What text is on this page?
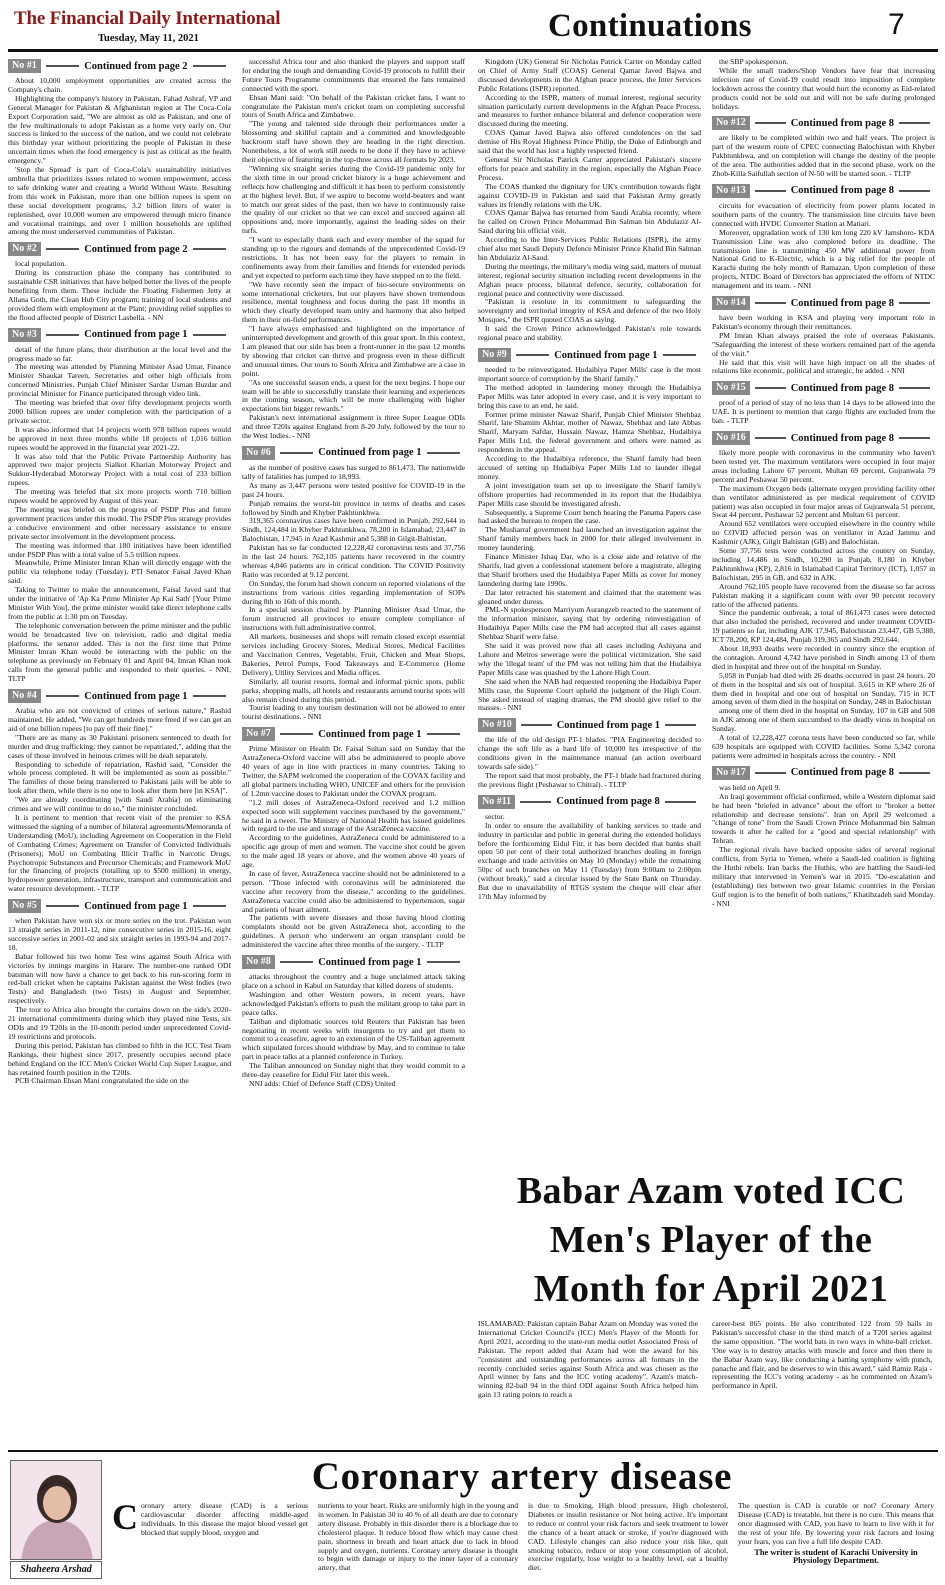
The Financial Daily International
Tuesday, May 11, 2021	Continuations	7
No #1	Continued from page 2

About 10,000 employment opportunities are created across the Company's chain.

Highlighting the company's history in Pakistan, Fahad Ashraf, VP and General Manager for Pakistan & Afghanistan region at The Coca-Cola Export Corporation said, "We are almost as old as Pakistan, and one of the few multinationals to adopt Pakistan as a home very early on. Our success is linked to the success of the nation, and we could not celebrate this birthday year without prioritizing the people of Pakistan in these uncertain times when the food emergency is just as critical as the health emergency."

'Stop the Spread' is part of Coca-Cola's sustainability initiatives umbrella that prioritizes issues related to women empowerment, access to safe drinking water and creating a World Without Waste. Resulting from this work in Pakistan, more than one billion rupees is spent on these social development programs, 3.2 billion liters of water is replenished, over 10,000 women are empowered through micro finance and vocational trainings, and over 1 million households are uplifted among the most underserved communities of Pakistan.

No #2	Continued from page 2

local population.

During its construction phase the company has contributed to sustainable CSR initiatives that have helped better the lives of the people benefiting from them. These include the Floating Fishermen Jetty at Allana Goth, the Clean Hub City program; training of local students and provided them with employment at the Plant; providing relief supplies to the flood affected people of District Lasbella. - NN

No #3	Continued from page 1

detail of the future plans, their distribution at the local level and the progress made so far.

The meeting was attended by Planning Minister Asad Umar, Finance Minister Shaukat Tareen, Secretaries and other high officials from concerned Ministries. Punjab Chief Minister Sardar Usman Buzdar and provincial Minister for Finance participated through video link.

The meeting was briefed that over fifty development projects worth 2000 billion rupees are under completion with the participation of a private sector.

It was also informed that 14 projects worth 978 billion rupees would be approved in next three months while 18 projects of 1,016 billion rupees would be approved in the financial year 2021-22.

It was also told that the Public Private Partnership Authority has approved two major projects Sialkot Kharian Motorway Project and Sukkur-Hyderabad Motorway Project with a total cost of 233 billion rupees.

The meeting was briefed that six more projects worth 710 billion rupees would be approved by August of this year.

The meeting was briefed on the progress of PSDP Plus and future government practices under this model. The PSDP Plus strategy provides a conducive environment and other necessary assistance to ensure private sector involvement in the development process.

The meeting was informed that 180 initiatives have been identified under PSDP Plus with a total value of 5.5 trillion rupees.

Meanwhile, Prime Minister Imran Khan will directly engage with the public via telephone today (Tuesday), PTI Senator Faisal Javed Khan said.

Taking to Twitter to make the announcement, Faisal Javed said that under the initiative of 'Ap Ka Prime Minister Ap Kai Sath' [Your Prime Minister With You], the prime minister would take direct telephone calls from the public at 1:30 pm on Tuesday.

The telephonic conversation between the prime minister and the public would be broadcasted live on television, radio and digital media platforms, the senator added. This is not the first time that Prime Minister Imran Khan would be interacting with the public on the telephone as previously on February 01 and April 04, Imran Khan took calls from the general public and responded to their queries. - NNI, TLTP

No #4	Continued from page 1

Arabia who are not convicted of crimes of serious nature," Rashid maintained. He added, "We can get hundreds more freed if we can get an aid of one billion rupees [to pay off their fine]."

"There are as many as 30 Pakistani prisoners sentenced to death for murder and drug trafficking; they cannot be repatriated,", adding that the cases of those involved in heinous crimes will be dealt separately.

Responding to schedule of repatriation, Rashid said, "Consider the whole process completed. It will be implemented as soon as possible." The families of those being transferred to Pakistani jails will be able to look after them, while there is no one to look after them here [in KSA]".

"We are already coordinating [with Saudi Arabia] on eliminating crimes and we will continue to do so," the minister concluded.

It is pertinent to mention that recent visit of the premier to KSA witnessed the signing of a number of bilateral agreements/Memoranda of Understanding (MoU), including Agreement on Cooperation in the Field of Combating Crimes; Agreement on Transfer of Convicted Individuals (Prisoners); MoU on Combating Illicit Traffic in Narcotic Drugs, Psychotropic Substances and Precursor Chemicals; and Framework MoU for the financing of projects (totalling up to $500 million) in energy, hydropower generation, infrastructure, transport and communication and water resource development. - TLTP

No #5	Continued from page 1

when Pakistan have won six or more series on the trot. Pakistan won 13 straight series in 2011-12, nine consecutive series in 2015-16, eight successive series in 2001-02 and six straight series in 1993-94 and 2017-18.

Babar followed his two home Test wins against South Africa with victories by innings margins in Harare. The number-one ranked ODI batsman will now have a chance to get back to his run-scoring form in red-ball cricket when he captains Pakistan against the West Indies (two Tests) and Bangladesh (two Tests) in August and September, respectively.

The tour to Africa also brought the curtains down on the side's 2020-21 international commitments during which they played nine Tests, six ODIs and 19 T20Is in the 10-month period under unprecedented Covid-19 restrictions and protocols.

During this period, Pakistan has climbed to fifth in the ICC Test Team Rankings, their highest since 2017, presently occupies second place behind England on the ICC Men's Cricket World Cup Super League, and has retained fourth position in the T20Is.

PCB Chairman Ehsan Mani congratulated the side on the

successful Africa tour and also thanked the players and support staff for enduring the tough and demanding Covid-19 protocols to fulfill their Future Tours Programme commitments that ensured the fans remained connected with the sport.

Ehsan Mani said: "On behalf of the Pakistan cricket fans, I want to congratulate the Pakistan men's cricket team on completing successful tours of South Africa and Zimbabwe.

"The young and talented side through their performances under a blossoming and skillful captain and a committed and knowledgeable backroom staff have shown they are heading in the right direction. Nonetheless, a lot of work still needs to be done if they have to achieve their objective of featuring in the top-three across all formats by 2023.

"Winning six straight series during the Covid-19 pandemic only for the sixth time in our proud cricket history is a huge achievement and reflects how challenging and difficult it has been to perform consistently at the highest level. But, if we aspire to become world-beaters and want to match our great sides of the past, then we have to continuously raise the quality of our cricket so that we can excel and succeed against all oppositions and, more importantly, against the leading sides on their turfs.

"I want to especially thank each and every member of the squad for standing up to the rigours and demands of the unprecedented Covid-19 restrictions. It has not been easy for the players to remain in confinements away from their families and friends for extended periods and yet expected to perform each time they have stepped on to the field.

"We have recently seen the impact of bio-secure environments on some international cricketers, but our players have shown tremendous resilience, mental toughness and focus during the past 10 months in which they clearly developed team unity and harmony that also helped them in their on-field performances.

"I have always emphasised and highlighted on the importance of uninterrupted development and growth of this great sport. In this context, I am pleased that our side has been a front-runner in the past 12 months by showing that cricket can thrive and progress even in these difficult and unusual times. Our tours to South Africa and Zimbabwe are a case in point.

"As one successful season ends, a quest for the next begins. I hope our team will be able to successfully translate their learning and experiences in the coming season, which will be more challenging with higher expectations but bigger rewards."

Pakistan's next international assignment is three Super League ODIs and three T20Is against England from 8-20 July, followed by the tour to the West Indies. - NNI

No #6	Continued from page 1

as the number of positive cases has surged to 861,473. The nationwide tally of fatalities has jumped to 18,993.

As many as 3,447 persons were tested positive for COVID-19 in the past 24 hours.

Punjab remains the worst-hit province in terms of deaths and cases followed by Sindh and Khyber Pakhtunkhwa.

319,365 coronavirus cases have been confirmed in Punjab, 292,644 in Sindh, 124,484 in Khyber Pakhtunkhwa, 78,200 in Islamabad, 23,447 in Balochistan, 17,945 in Azad Kashmir and 5,388 in Gilgit-Baltistan.

Pakistan has so far conducted 12,228,42 coronavirus tests and 37,756 in the last 24 hours. 762,105 patients have recovered in the country whereas 4,846 patients are in critical condition. The COVID Positivity Ratio was recorded at 9.12 percent.

On Sunday, the forum had shown concern on reported violations of the instructions from various cities regarding implementation of SOPs during 8th to 16th of this month.

In a special session chaired by Planning Minister Asad Umar, the forum instructed all provinces to ensure complete compliance of instructions with full administrative control.

All markets, businesses and shops will remain closed except essential services including Grocery Stores, Medical Stores, Medical Facilities and Vaccination Centres, Vegetable, Fruit, Chicken and Meat Shops, Bakeries, Petrol Pumps, Food Takeaways and E-Commerce (Home Delivery), Utility Services and Media offices.

Similarly, all tourist resorts, formal and informal picnic spots, public parks, shopping malls, all hotels and restaurants around tourist spots will also remain closed during this period.

Tourist leading to any tourism destination will not be allowed to enter tourist destinations. - NNI

No #7	Continued from page 1

Prime Minister on Health Dr. Faisal Sultan said on Sunday that the AstraZeneca-Oxford vaccine will also be administered to people above 40 years of age in line with practices in many countries. Taking to Twitter, the SAPM welcomed the cooperation of the COVAX facility and all global partners including WHO, UNICEF and others for the provision of 1.2mn vaccine doses to Pakistan under the COVAX program.

"1.2 mill doses of AstraZeneca-Oxford received and 1.2 million expected soon will supplement vaccines purchased by the government," he said in a tweet. The Ministry of National Health has issued guidelines with regard to the use and storage of the AstraZeneca vaccine.

According to the guidelines, AstraZeneca could be administered to a specific age group of men and women. The vaccine shot could be given to the male aged 18 years or above, and the women above 40 years of age.

In case of fever, AstraZeneca vaccine should not be administered to a person. "Those infected with coronavirus will be administered the vaccine after recovery from the disease," according to the guidelines. AstraZeneca vaccine could also be administered to hypertension, sugar and patients of heart ailment.

The patients with severe diseases and those having blood clotting complaints should not be given AstraZeneca shot, according to the guidelines. A person who underwent an organ transplant could be administered the vaccine after three months of the surgery. - TLTP

No #8	Continued from page 1

attacks throughout the country and a huge unclaimed attack taking place on a school in Kabul on Saturday that killed dozens of students.

Washington and other Western powers, in recent years, have acknowledged Pakistan's efforts to push the militant group to take part in peace talks.

Taliban and diplomatic sources told Reuters that Pakistan has been negotiating in recent weeks with insurgents to try and get them to commit to a ceasefire, agree to an extension of the US-Taliban agreement which stipulated forces should withdraw by May, and to continue to take part in peace talks at a planned conference in Turkey.

The Taliban announced on Sunday night that they would commit to a three-day ceasefire for Eidul Fitr later this week.

NNI adds: Chief of Defence Staff (CDS) United

Kingdom (UK) General Sir Nicholas Patrick Carter on Monday called on Chief of Army Staff (COAS) General Qamar Javed Bajwa and discussed developments in the Afghan peace process, the Inter Services Public Relations (ISPR) reported.

According to the ISPR, matters of mutual interest, regional security situation particularly current developments in the Afghan Peace Process, and measures to further enhance bilateral and defence cooperation were discussed during the meeting.

COAS Qamar Javed Bajwa also offered condolences on the sad demise of His Royal Highness Prince Philip, the Duke of Edinburgh and said that the world has lost a highly respected friend.

General Sir Nicholas Patrick Carter appreciated Pakistan's sincere efforts for peace and stability in the region, especially the Afghan Peace Process.

The COAS thanked the dignitary for UK's contribution towards fight against COVID-19 in Pakistan and said that Pakistan Army greatly values its friendly relations with the UK.

COAS Qamar Bajwa has returned from Saudi Arabia recently, where he called on Crown Prince Mohammad Bin Salman bin Abdulaziz Al-Saud during his official visit.

According to the Inter-Services Public Relations (ISPR), the army chief also met Saudi Deputy Defence Minister Prince Khalid Bin Salman bin Abdulaziz Al-Saud.

During the meetings, the military's media wing said, matters of mutual interest, regional security situation including recent developments in the Afghan peace process, bilateral defence, security, collaboration for regional peace and connectivity were discussed.

"Pakistan is resolute in its commitment to safeguarding the sovereignty and territorial integrity of KSA and defence of the two Holy Mosques," the ISPR quoted COAS as saying.

It said the Crown Prince acknowledged Pakistan's role towards regional peace and stability.

No #9	Continued from page 1

needed to be reinvestigated. Hudaibiya Paper Mills' case is the most important source of corruption by the Sharif family."

The method adopted in laundering money through the Hudaibiya Paper Mills was later adopted in every case, and it is very important to bring this case to an end, he said.

Former prime minister Nawaz Sharif, Punjab Chief Minister Shehbaz Sharif, late Shamim Akhtar, mother of Nawaz, Shehbaz and late Abbas Sharif, Maryam Safdar, Hussain Nawaz, Hamza Shehbaz, Hudaibiya Paper Mills Ltd, the federal government and others were named as respondents in the appeal.

According to the Hudaibiya reference, the Sharif family had been accused of setting up Hudaibiya Paper Mills Ltd to launder illegal money.

A joint investigation team set up to investigate the Sharif family's offshore properties had recommended in its report that the Hudaibiya Paper Mills case should be investigated afresh.

Subsequently, a Supreme Court bench hearing the Panama Papers case had asked the bureau to reopen the case.

The Musharraf government had launched an investigation against the Sharif family members back in 2000 for their alleged involvement in money laundering.

Finance Minister Ishaq Dar, who is a close aide and relative of the Sharifs, had given a confessional statement before a magistrate, alleging that Sharif brothers used the Hudaibiya Paper Mills as cover for money laundering during late 1990s.

Dar later retracted his statement and claimed that the statement was gleaned under duress.

PML-N spokesperson Marriyum Aurangzeb reacted to the statement of the information minister, saying that by ordering reinvestigation of Hudaibiya Paper Mills case the PM had accepted that all cases against Shehbaz Sharif were false.

She said it was proved now that all cases including Ashiyana and Lahore and Metros sewerage were the political victimization. She said why the 'illegal team' of the PM was not telling him that the Hudaibiya Paper Mills case was quashed by the Lahore High Court.

She said when the NAB had requested reopening the Hudaibiya Paper Mills case, the Supreme Court upheld the judgment of the High Court. She asked instead of staging dramas, the PM should give relief to the masses. - NNI

No #10	Continued from page 1

the life of the old design PT-1 blades. "PIA Engineering decided to change the soft life as a hard life of 10,000 hrs irrespective of the conditions given in the maintenance manual (an action overboard towards safe side)."

The report said that most probably, the PT-1 blade had fractured during the previous flight (Peshawar to Chitral). - TLTP

No #11	Continued from page 8

sector.

In order to ensure the availability of banking services to trade and industry in particular and public in general during the extended holidays before the forthcoming Eidul Fitr, it has been decided that banks shall open 50 per cent of their total authorized branches dealing in foreign exchange and trade activities on May 10 (Monday) while the remaining 50pc of such branches on May 11 (Tuesday) from 9:00am to 2:00pm (without break)," said a circular issued by the State Bank on Thursday. But due to unavailability of RTGS system the cheque will clear after 17th May informed by

the SBP spokesperson.

While the small traders/Shop Vendors have fear that increasing infection rate of Covid-19 could result into imposition of complete lockdown across the country that would hurt the economy as Eid-related products could not be sold out and will not be safe during prolonged holidays.

No #12	Continued from page 8

are likely to be completed within two and half years. The project is part of the western route of CPEC connecting Balochistan with Khyber Pakhtunkhwa, and on completion will change the destiny of the people of the area. The authorities added that in the second phase, work on the Zhob-Killa Saifullah section of N-50 will be started soon. - TLTP

No #13	Continued from page 8

circuits for evacuation of electricity from power plants located in southern parts of the country. The transmission line circuits have been connected with HVDC Converter Station at Matiari.

Moreover, upgradation work of 130 km long 220 kV Jamshoro- KDA Transmission Line was also completed before its deadline. The transmission line is transmitting 450 MW additional power from National Grid to K-Electric, which is a big relief for the people of Karachi during the holy month of Ramazan. Upon completion of these projects, NTDC Board of Directors has appreciated the efforts of NTDC management and its team. - NNI

No #14	Continued from page 8

have been working in KSA and playing very important role in Pakistan's economy through their remittances.

PM Imran Khan always praised the role of overseas Pakistanis. "Safeguarding the interest of these workers remained part of the agenda of the visit."

He said that this visit will have high impact on all the shades of relations like economic, political and strategic, he added. - NNI

No #15	Continued from page 8

proof of a period of stay of no less than 14 days to be allowed into the UAE. It is pertinent to mention that cargo flights are excluded from the ban. - TLTP

No #16	Continued from page 8

likely more people with coronavirus in the community who haven't been tested yet. The maximum ventilators were occupied in four major areas including Lahore 67 percent, Multan 69 percent, Gujranwala 79 percent and Peshawar 50 percent.

The maximum Oxygen beds (alternate oxygen providing facility other than ventilator administered as per medical requirement of COVID patient) was also occupied in four major areas of Gujranwala 51 percent, Swat 44 percent, Peshawar 52 percent and Multan 61 percent.

Around 652 ventilators were occupied elsewhere in the country while no COVID affected person was on ventilator in Azad Jammu and Kashmir (AJK), Gilgit Baltistan (GB) and Balochistan.

Some 37,756 tests were conducted across the country on Sunday, including 14,486 in Sindh, 10,290 in Punjab, 8,180 in Khyber Pakhtunkhwa (KP), 2,816 in Islamabad Capital Territory (ICT), 1,057 in Balochistan, 295 in GB, and 632 in AJK.

Around 762,105 people have recovered from the disease so far across Pakistan making it a significant count with over 90 percent recovery ratio of the affected patients.

Since the pandemic outbreak, a total of 861,473 cases were detected that also included the perished, recovered and under treatment COVID-19 patients so far, including AJK 17,945, Balochistan 23,447, GB 5,388, ICT 78,200, KP 124,484, Punjab 319,365 and Sindh 292,644.

About 18,993 deaths were recorded in country since the eruption of the contagion. Around 4,742 have perished in Sindh among 13 of them died in hospital and three out of the hospital on Sunday.

5,058 in Punjab had died with 26 deaths occurred in past 24 hours. 20 of them in the hospital and six out of hospital. 3,615 in KP where 26 of them died in hospital and one out of hospital on Sunday, 715 in ICT among seven of them died in the hospital on Sunday, 248 in Balochistan

among one of them died in the hospital on Sunday, 107 in GB and 508 in AJK among one of them succumbed to the deadly virus in hospital on Sunday.

A total of 12,228,427 corona tests have been conducted so far, while 639 hospitals are equipped with COVID facilities. Some 5,342 corona patients were admitted in hospitals across the country. - NNI

No #17	Continued from page 8

was held on April 9.

An Iraqi government official confirmed, while a Western diplomat said he had been "briefed in advance" about the effort to "broker a better relationship and decrease tensions". Iran on April 29 welcomed a "change of tone" from the Saudi Crown Prince Mohammad bin Salman towards it after he called for a "good and special relationship" with Tehran.

The regional rivals have backed opposite sides of several regional conflicts, from Syria to Yemen, where a Saudi-led coalition is fighting the Huthi rebels. Iran backs the Huthis, who are battling the Saudi-led military that intervened in Yemen's war in 2015. "De-escalation and (establishing) ties between two great Islamic countries in the Persian Gulf region is to the benefit of both nations," Khatibzadeh said Monday. - NNI

Babar Azam voted ICC
Men's Player of the
Month for April 2021
ISLAMABAD: Pakistan captain Babar Azam on Monday was voted the International Cricket Council's (ICC) Men's Player of the Month for April 2021, according to the state-run media outlet Associated Press of Pakistan. The report added that Azam had won the award for his "consistent and outstanding performances across all formats in the recently concluded series against South Africa and was chosen as the April winner by fans and the ICC voting academy". Azam's match-winning 82-ball 94 in the third ODI against South Africa helped him gain 13 rating points to reach a
career-best 865 points. He also contributed 122 from 59 balls in Pakistan's successful chase in the third match of a T20I series against the same opposition. "The world bats in two ways in white-ball cricket. 'One way is to destroy attacks with muscle and force and then there is the Babar Azam way, like conducting a batting symphony with punch, panache and flair, and he deserves to win this award," said Ramiz Raja - representing the ICC's voting academy - as he commented on Azam's performance in April.
Shaheera Arshad
Coronary artery disease
Coronary artery disease (CAD) is a serious cardiovascular disorder affecting middle-aged individuals. In this disease the major blood vessel get blocked that supply blood, oxygen and
nutrients to your heart. Risks are uniformly high in the young and in women. In Pakistan 30 to 40 % of all death are due to coronary artery disease. Probably in this disorder there is a blockage due to cholesterol plaque. It reduce blood flow which may cause chest pain, shortness in breath and heart attack due to lack in blood supply and oxygen, nutrients. Coronary artery disease is thought to begin with damage or injury to the inner layer of a coronary artery, that
is due to Smoking, High blood pressure, High cholesterol, Diabetes or insulin resistance or Not being active. It's important to reduce or control your risk factors and seek treatment to lower the chance of a heart attack or stroke, if you're diagnosed with CAD. Lifestyle changes can also reduce your risk like, quit smoking tobacco, reduce or stop your consumption of alcohol, exercise regularly, lose weight to a healthy level, eat a healthy diet.
The question is CAD is curable or not? Coronary Artery Disease (CAD) is treatable, but there is no cure. This means that once diagnosed with CAD, you have to learn to live with it for the rest of your life. By lowering your risk factors and losing your fears, you can live a full life despite CAD.
The writer is student of Karachi University in Physiology Department.
